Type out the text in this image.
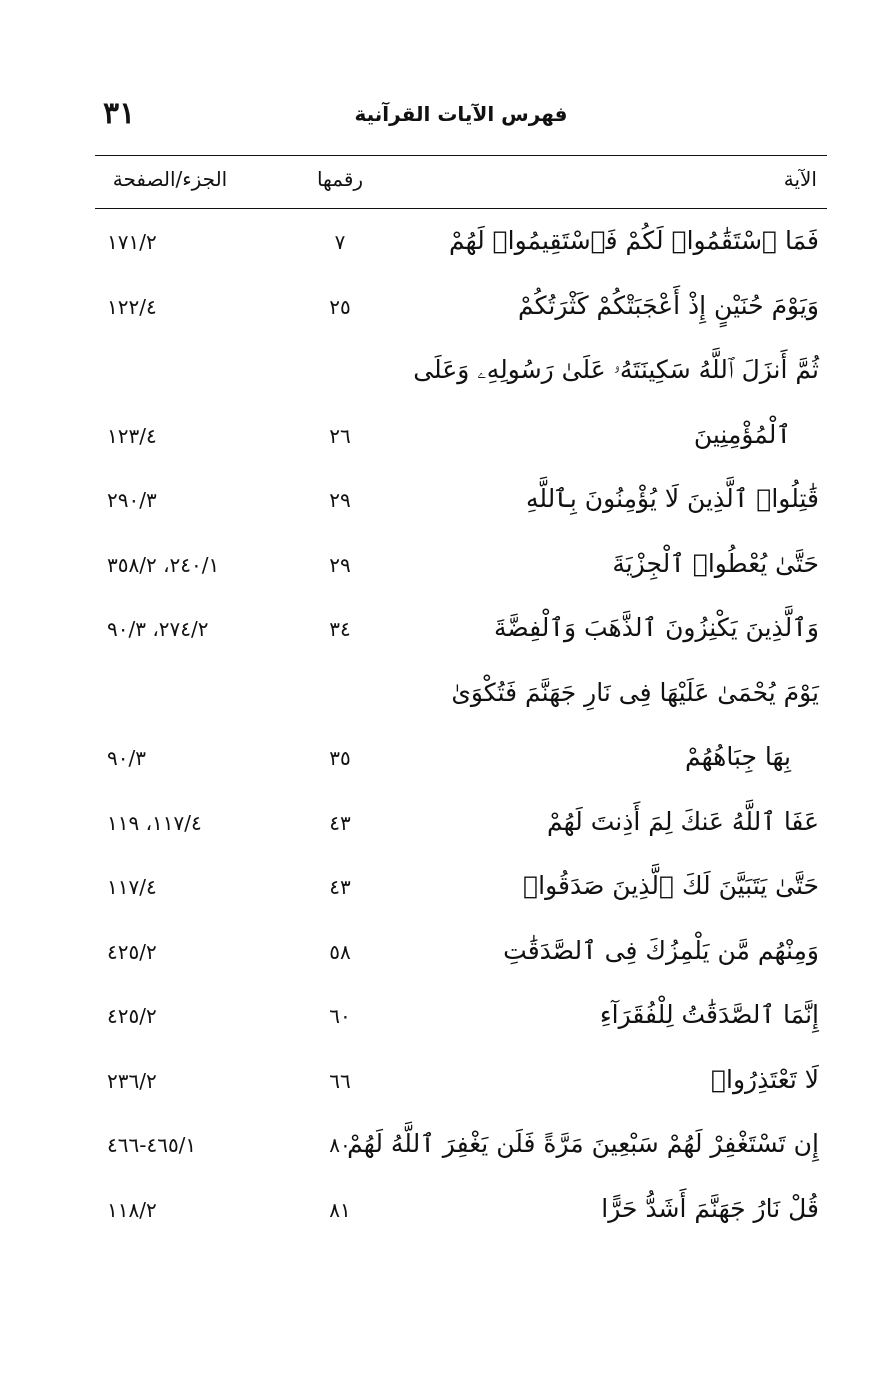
٣١	فهرس الآيات القرآنية
الآية
رقمها
الجزء/الصفحة
فَمَا ٱسْتَقَٰمُوا۟ لَكُمْ فَٱسْتَقِيمُوا۟ لَهُمْ
٧
١٧١/٢
وَيَوْمَ حُنَيْنٍ إِذْ أَعْجَبَتْكُمْ كَثْرَتُكُمْ
٢٥
١٢٢/٤
ثُمَّ أَنزَلَ ٱللَّهُ سَكِينَتَهُۥ عَلَىٰ رَسُولِهِۦ وَعَلَى
ٱلْمُؤْمِنِينَ
٢٦
١٢٣/٤
قَٰتِلُوا۟ ٱلَّذِينَ لَا يُؤْمِنُونَ بِٱللَّهِ
٢٩
٢٩٠/٣
حَتَّىٰ يُعْطُوا۟ ٱلْجِزْيَةَ
٢٩
٢٤٠/١، ٣٥٨/٢
وَٱلَّذِينَ يَكْنِزُونَ ٱلذَّهَبَ وَٱلْفِضَّةَ
٣٤
٢٧٤/٢، ٩٠/٣
يَوْمَ يُحْمَىٰ عَلَيْهَا فِى نَارِ جَهَنَّمَ فَتُكْوَىٰ
بِهَا جِبَاهُهُمْ
٣٥
٩٠/٣
عَفَا ٱللَّهُ عَنكَ لِمَ أَذِنتَ لَهُمْ
٤٣
١١٧/٤، ١١٩
حَتَّىٰ يَتَبَيَّنَ لَكَ ٱلَّذِينَ صَدَقُوا۟
٤٣
١١٧/٤
وَمِنْهُم مَّن يَلْمِزُكَ فِى ٱلصَّدَقَٰتِ
٥٨
٤٢٥/٢
إِنَّمَا ٱلصَّدَقَٰتُ لِلْفُقَرَآءِ
٦٠
٤٢٥/٢
لَا تَعْتَذِرُوا۟
٦٦
٢٣٦/٢
إِن تَسْتَغْفِرْ لَهُمْ سَبْعِينَ مَرَّةً فَلَن يَغْفِرَ ٱللَّهُ لَهُمْ
٨٠
٤٦٥/١-٤٦٦
قُلْ نَارُ جَهَنَّمَ أَشَدُّ حَرًّا
٨١
١١٨/٢
